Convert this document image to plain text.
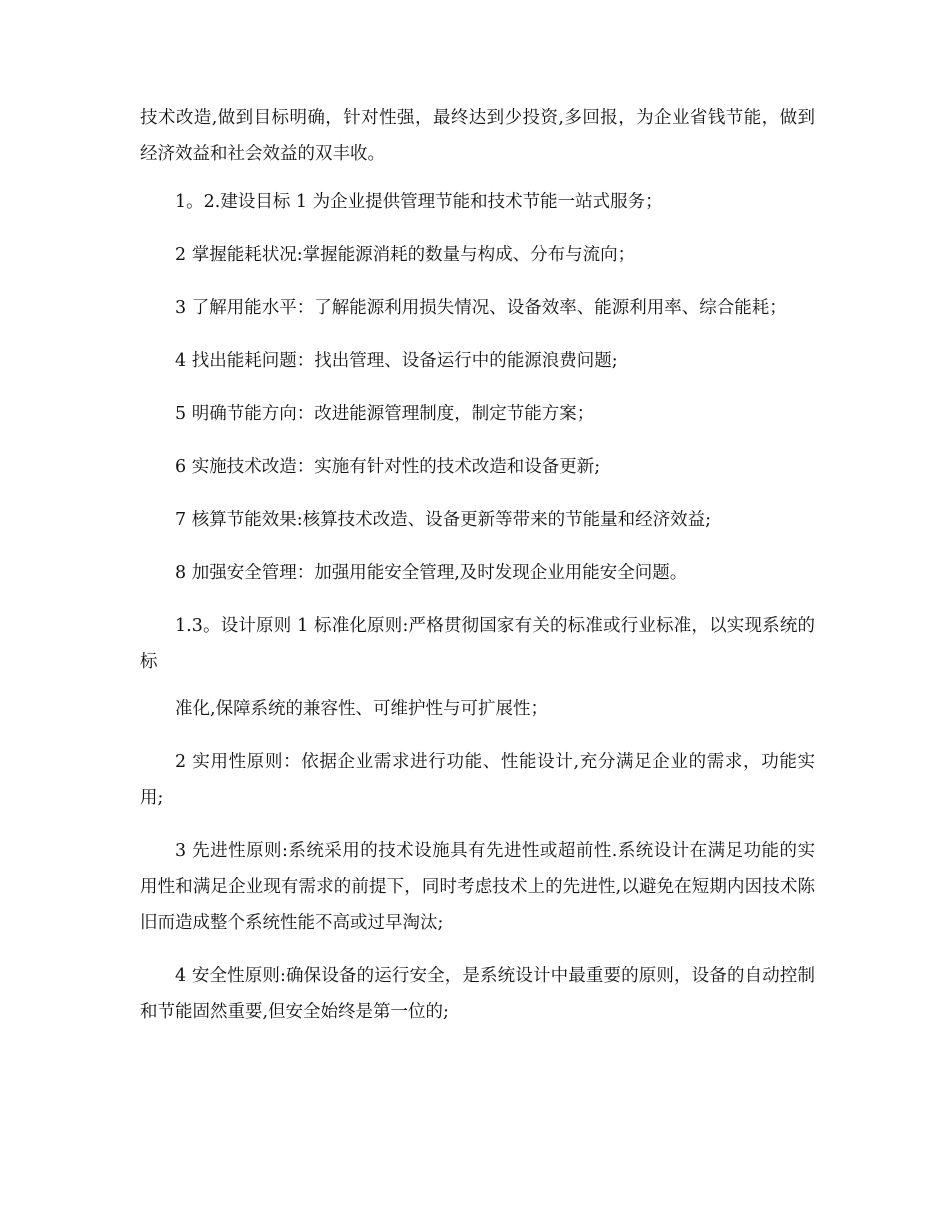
技术改造,做到目标明确，针对性强，最终达到少投资,多回报，为企业省钱节能，做到经济效益和社会效益的双丰收。

1。2.建设目标 1 为企业提供管理节能和技术节能一站式服务；

2 掌握能耗状况:掌握能源消耗的数量与构成、分布与流向；

3 了解用能水平：了解能源利用损失情况、设备效率、能源利用率、综合能耗；

4 找出能耗问题：找出管理、设备运行中的能源浪费问题;

5 明确节能方向：改进能源管理制度，制定节能方案；

6 实施技术改造：实施有针对性的技术改造和设备更新;

7 核算节能效果:核算技术改造、设备更新等带来的节能量和经济效益;

8 加强安全管理：加强用能安全管理,及时发现企业用能安全问题。

1.3。设计原则 1 标准化原则:严格贯彻国家有关的标准或行业标准，以实现系统的标

准化,保障系统的兼容性、可维护性与可扩展性；

2 实用性原则：依据企业需求进行功能、性能设计,充分满足企业的需求，功能实用;

3 先进性原则:系统采用的技术设施具有先进性或超前性.系统设计在满足功能的实用性和满足企业现有需求的前提下，同时考虑技术上的先进性,以避免在短期内因技术陈旧而造成整个系统性能不高或过早淘汰;

4 安全性原则:确保设备的运行安全，是系统设计中最重要的原则，设备的自动控制和节能固然重要,但安全始终是第一位的;
